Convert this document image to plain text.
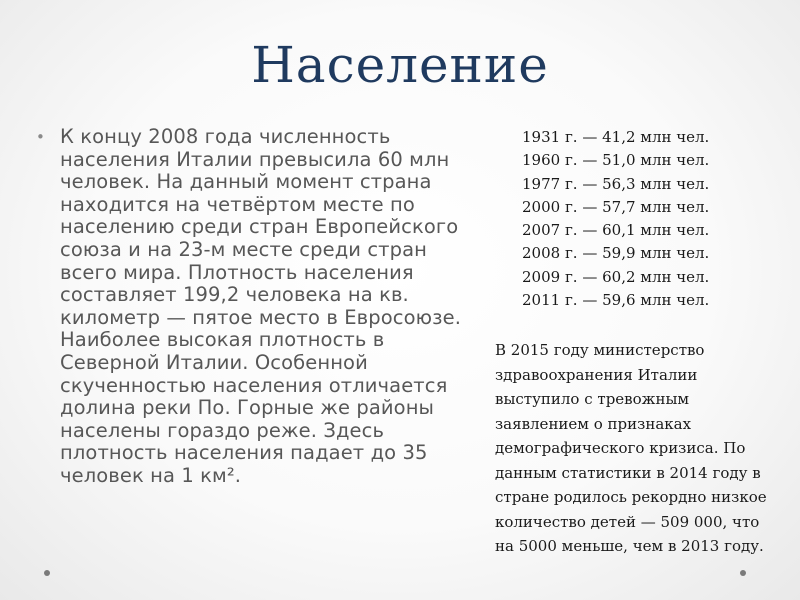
Население
• К концу 2008 года численность населения Италии превысила 60 млн человек. На данный момент страна находится на четвёртом месте по населению среди стран Европейского союза и на 23-м месте среди стран всего мира. Плотность населения составляет 199,2 человека на кв. километр — пятое место в Евросоюзе. Наиболее высокая плотность в Северной Италии. Особенной скученностью населения отличается долина реки По. Горные же районы населены гораздо реже. Здесь плотность населения падает до 35 человек на 1 км².

1931 г. — 41,2 млн чел.
1960 г. — 51,0 млн чел.
1977 г. — 56,3 млн чел.
2000 г. — 57,7 млн чел.
2007 г. — 60,1 млн чел.
2008 г. — 59,9 млн чел.
2009 г. — 60,2 млн чел.
2011 г. — 59,6 млн чел.
В 2015 году министерство здравоохранения Италии выступило с тревожным заявлением о признаках демографического кризиса. По данным статистики в 2014 году в стране родилось рекордно низкое количество детей — 509 000, что на 5000 меньше, чем в 2013 году.
